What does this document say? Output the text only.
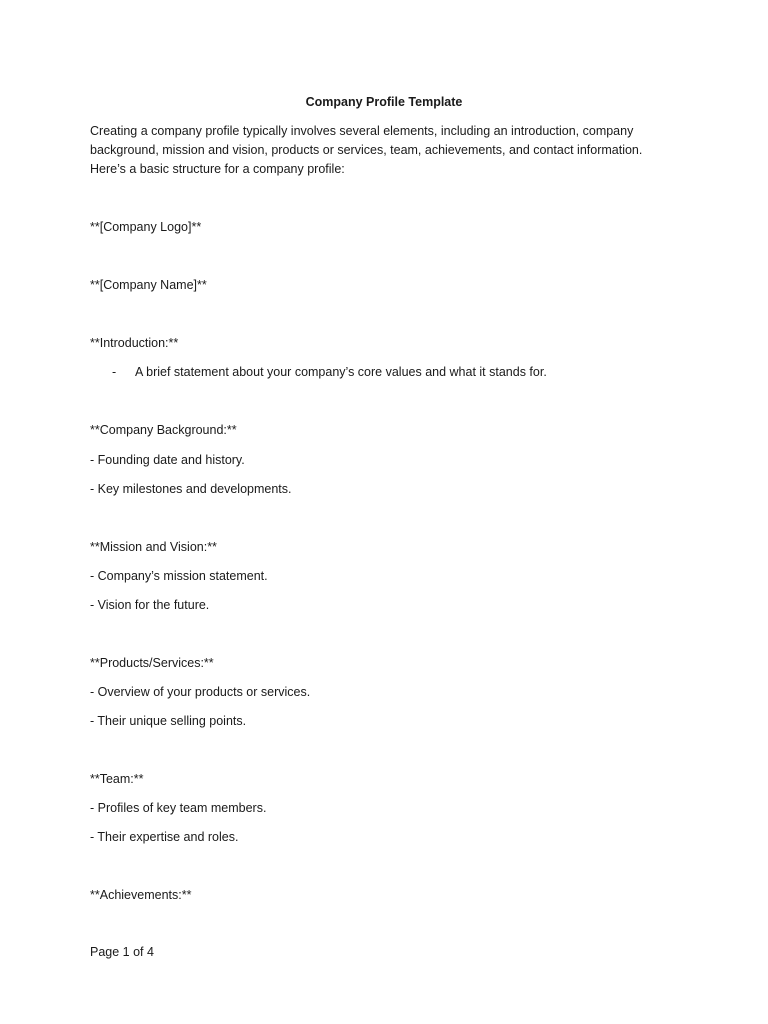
Company Profile Template
Creating a company profile typically involves several elements, including an introduction, company background, mission and vision, products or services, team, achievements, and contact information. Here’s a basic structure for a company profile:
**[Company Logo]**
**[Company Name]**
**Introduction:**
- A brief statement about your company’s core values and what it stands for.
**Company Background:**
- Founding date and history.
- Key milestones and developments.
**Mission and Vision:**
- Company’s mission statement.
- Vision for the future.
**Products/Services:**
- Overview of your products or services.
- Their unique selling points.
**Team:**
- Profiles of key team members.
- Their expertise and roles.
**Achievements:**
Page 1 of 4
